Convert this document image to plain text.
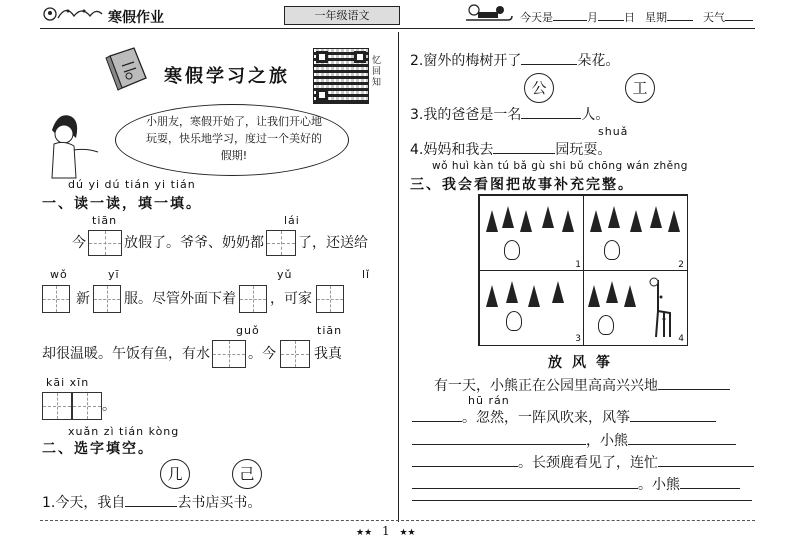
寒假作业	一年级语文	今天是	月 日 星期	天气
寒假学习之旅
忆回知
小朋友，寒假开始了，让我们开心地玩耍，快乐地学习，度过一个美好的假期!
dú yi dú tián yi tián
一、读一读，填一填。
tiān	lái
今	放假了。爷爷、奶奶都 了，还送给
wǒ	yī	yǔ	lǐ
新 服。尽管外面下着 ，可家
guǒ	tiān
却很温暖。午饭有鱼，有水	。今	我真
kāi xīn
。
xuǎn zì tián kòng
二、选字填空。
几	己
1.今天，我自	去书店买书。
2.窗外的梅树开了	朵花。
公	工
3.我的爸爸是一名	人。
shuǎ
4.妈妈和我去	园玩耍。
wǒ huì kàn tú bǎ gù shi bǔ chōng wán zhěng
三、我会看图把故事补充完整。
1	2
3	4
放风筝
有一天，小熊正在公园里高高兴兴地
hū rán
。忽然，一阵风吹来，风筝
，小熊
。长颈鹿看见了，连忙
。小熊
★★ 1 ★★
